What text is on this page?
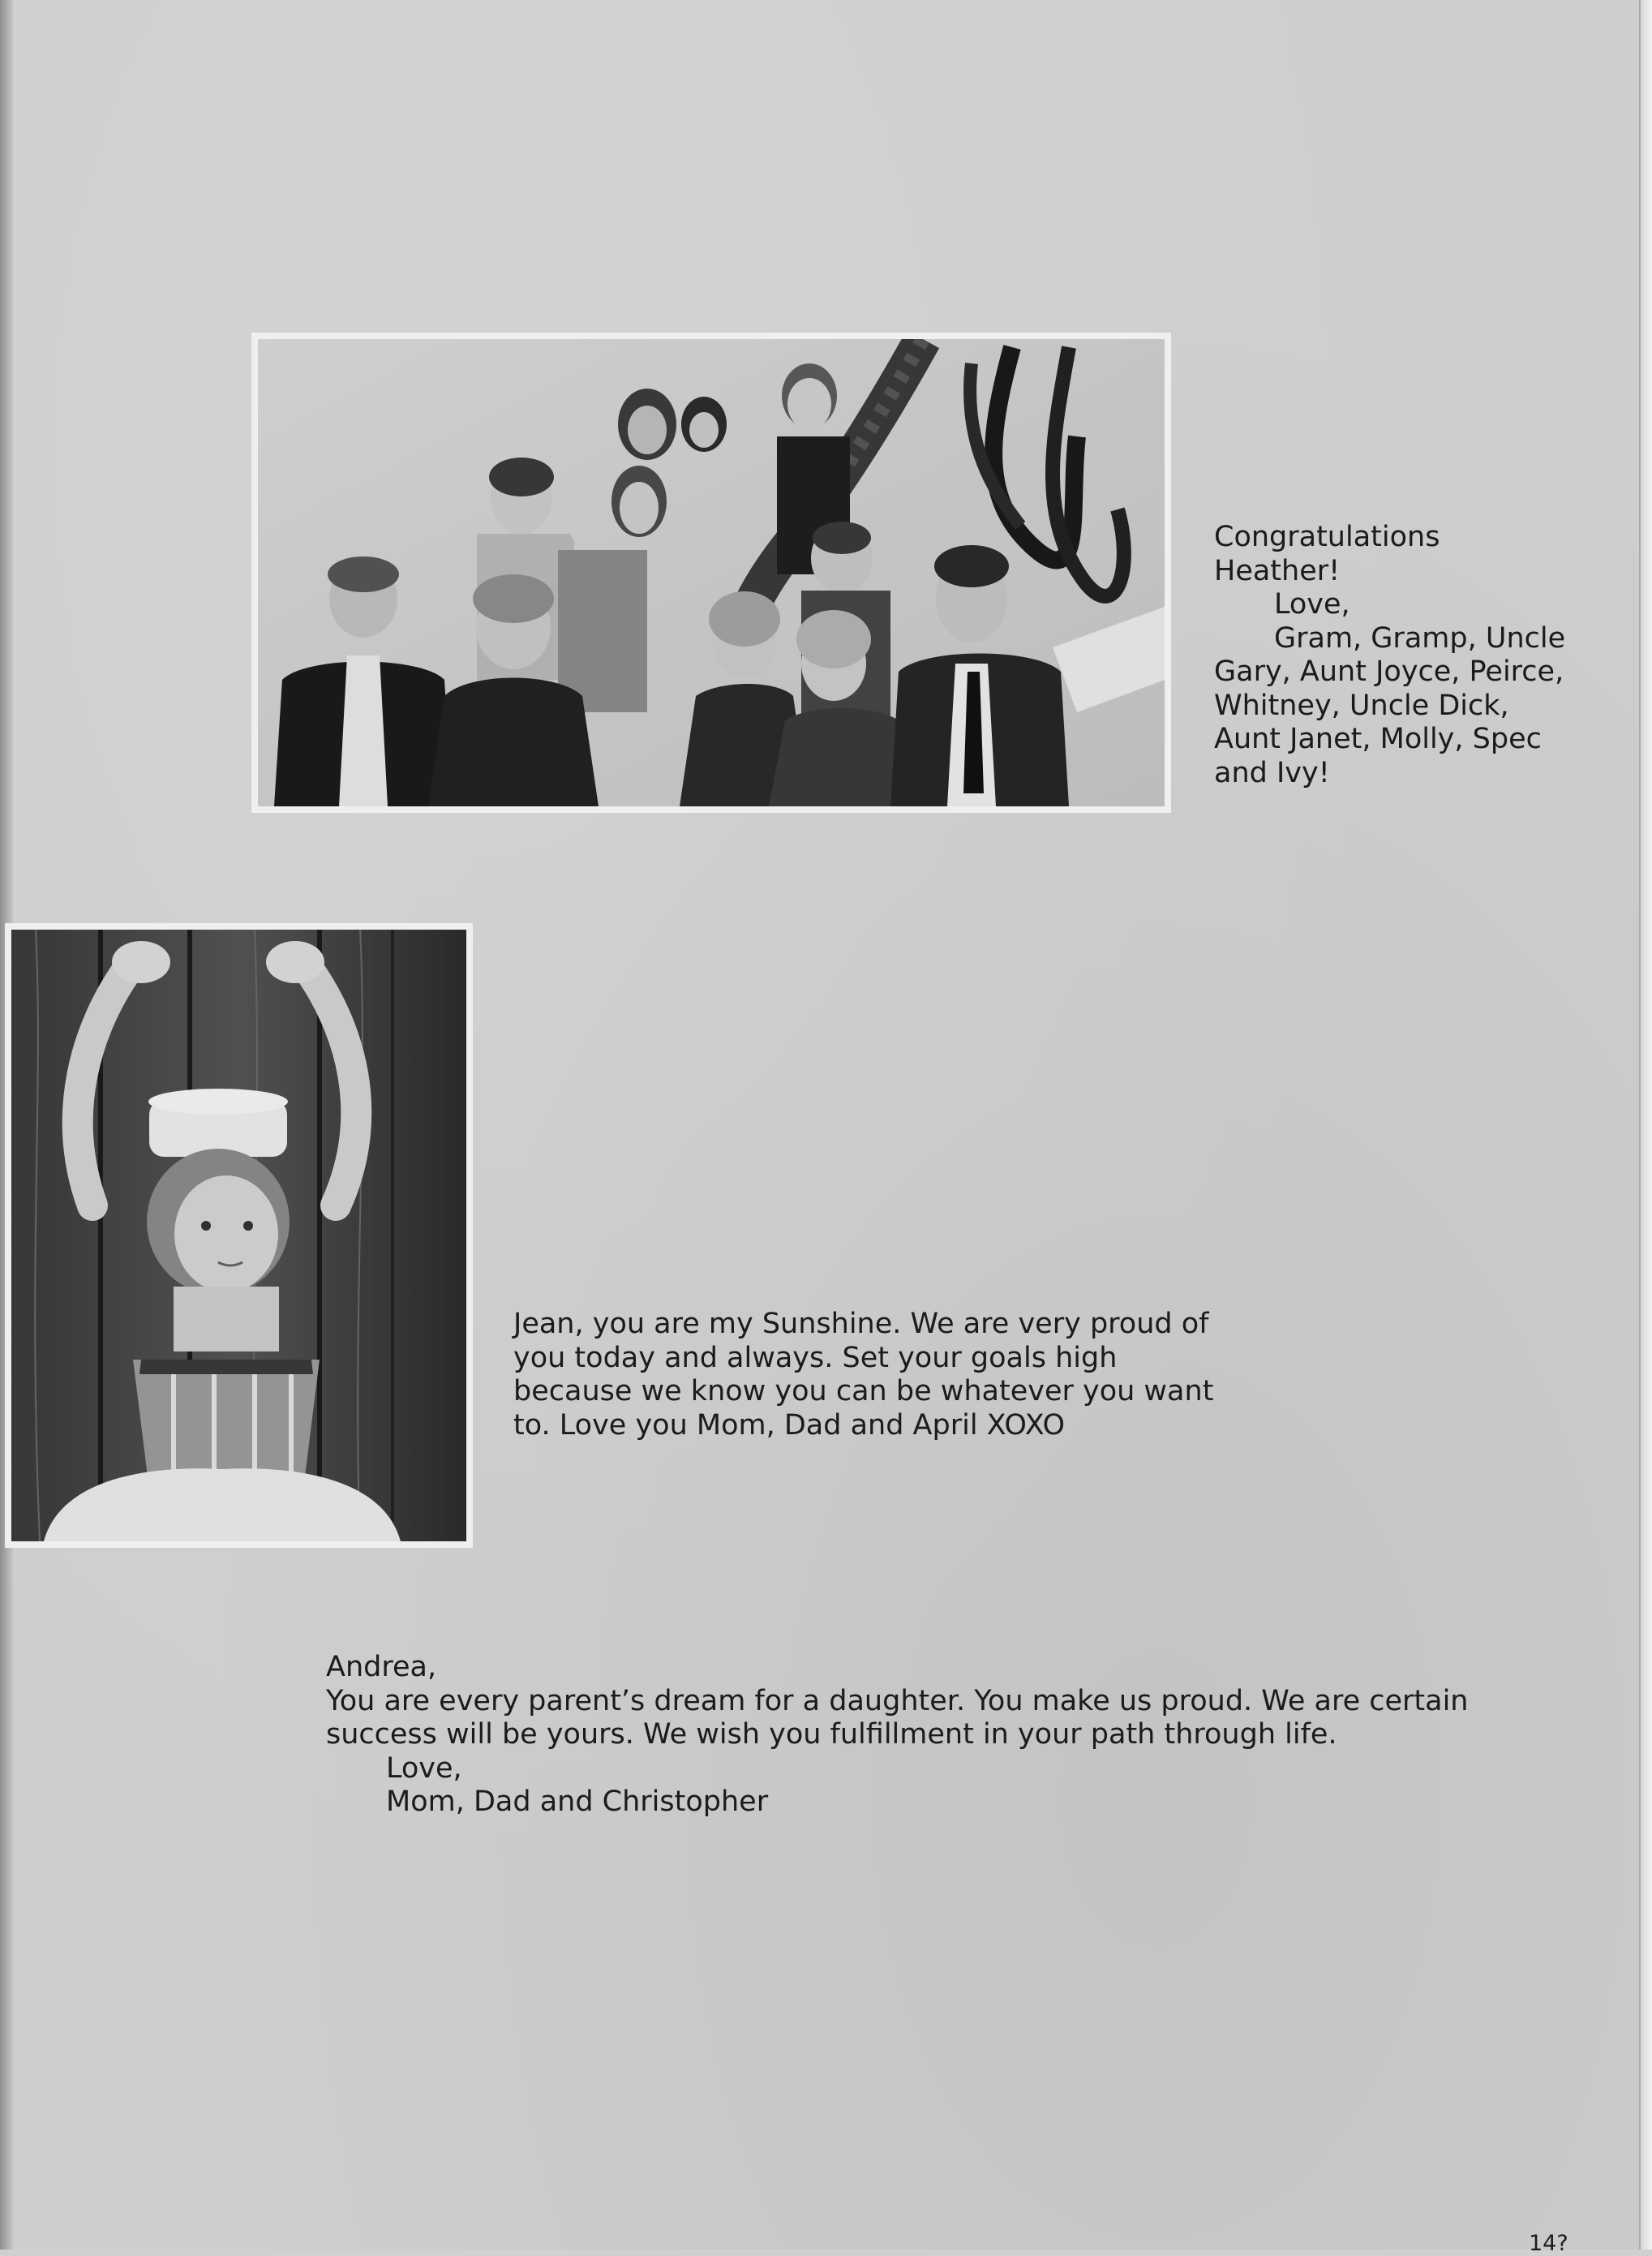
Congratulations
Heather!
Love,
Gram, Gramp, Uncle
Gary, Aunt Joyce, Peirce,
Whitney, Uncle Dick,
Aunt Janet, Molly, Spec
and Ivy!
Jean, you are my Sunshine. We are very proud of
you today and always. Set your goals high
because we know you can be whatever you want
to. Love you Mom, Dad and April XOXO
Andrea,
You are every parent’s dream for a daughter. You make us proud. We are certain
success will be yours. We wish you fulfillment in your path through life.
Love,
Mom, Dad and Christopher
14?
